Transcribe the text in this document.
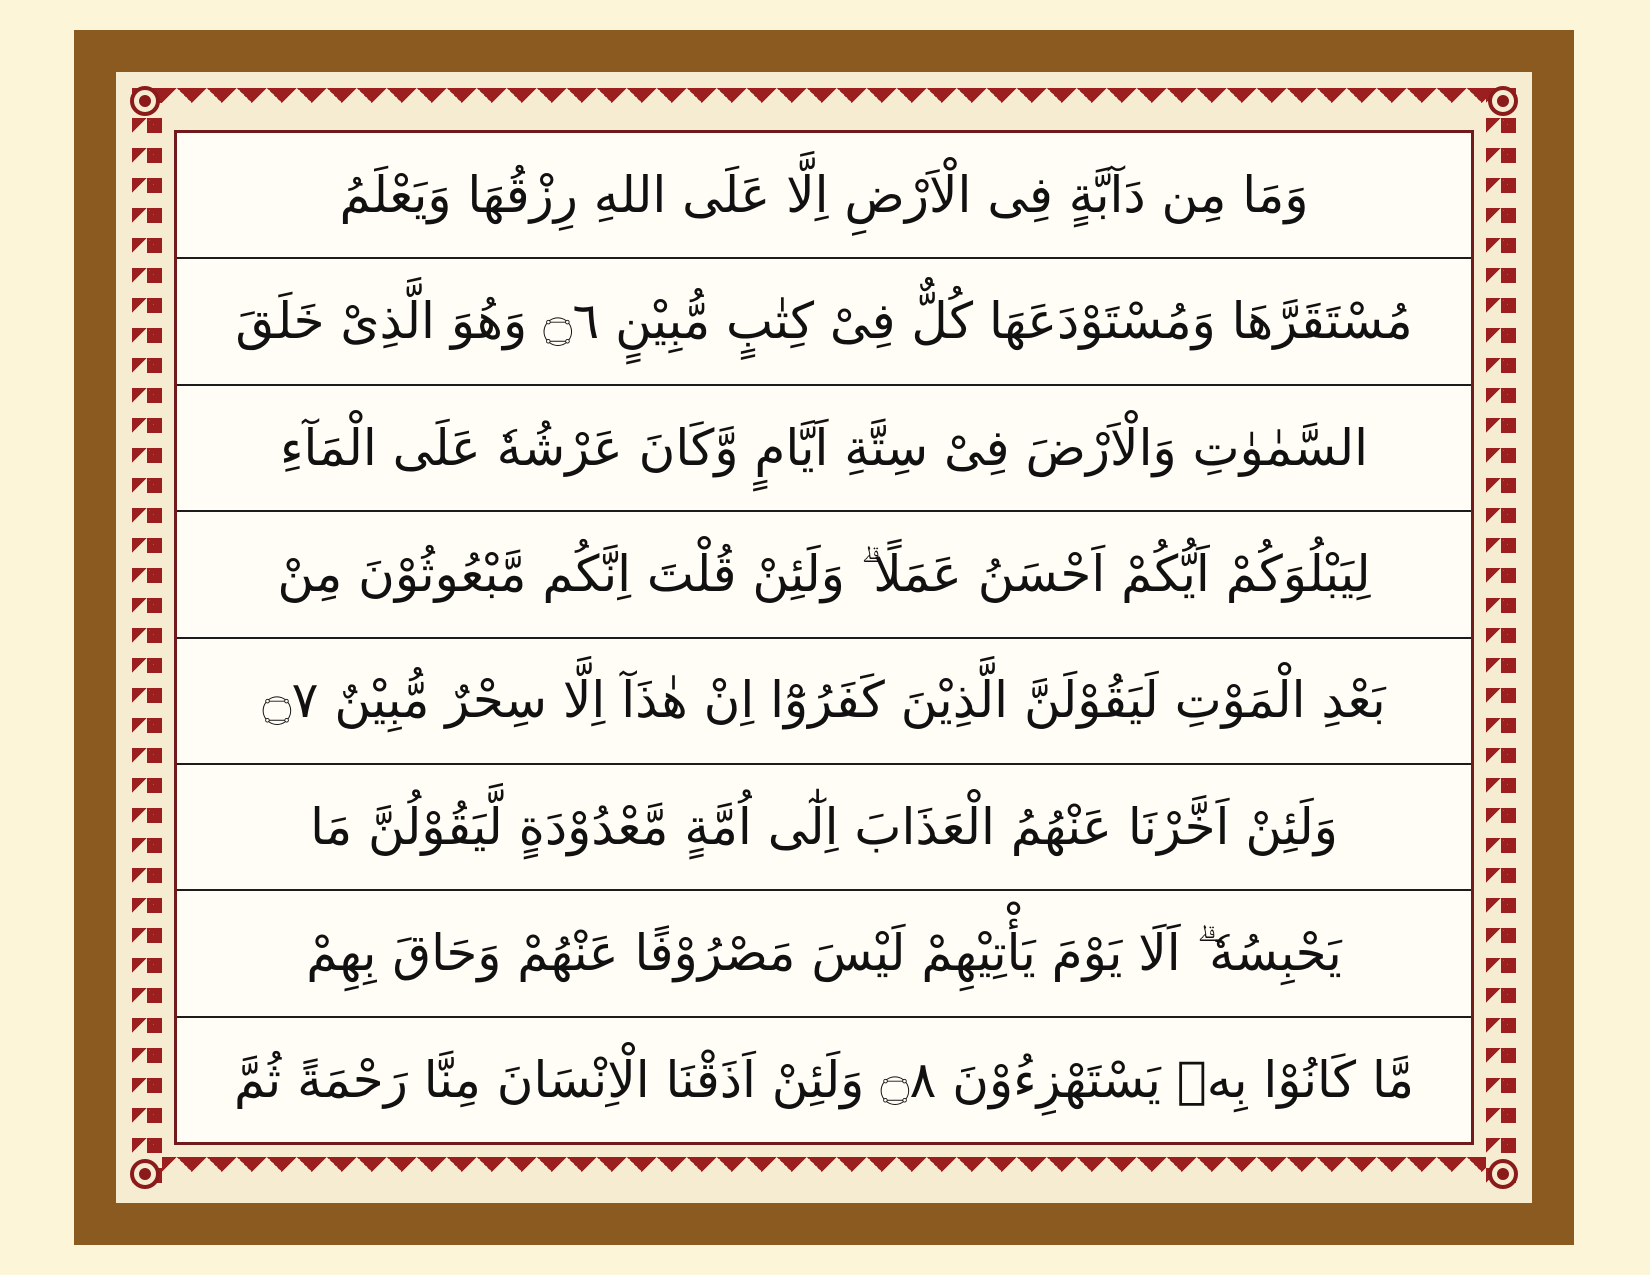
وَمَا مِن دَآبَّةٍ فِى الْاَرْضِ اِلَّا عَلَى اللهِ رِزْقُهَا وَيَعْلَمُ
مُسْتَقَرَّهَا وَمُسْتَوْدَعَهَا كُلٌّ فِىْ كِتٰبٍ مُّبِيْنٍ ۝٦ وَهُوَ الَّذِىْ خَلَقَ
السَّمٰوٰتِ وَالْاَرْضَ فِىْ سِتَّةِ اَيَّامٍ وَّكَانَ عَرْشُهٗ عَلَى الْمَآءِ
لِيَبْلُوَكُمْ اَيُّكُمْ اَحْسَنُ عَمَلًا ۗ وَلَئِنْ قُلْتَ اِنَّكُم مَّبْعُوثُوْنَ مِنْ
بَعْدِ الْمَوْتِ لَيَقُوْلَنَّ الَّذِيْنَ كَفَرُوْٓا اِنْ هٰذَآ اِلَّا سِحْرٌ مُّبِيْنٌ ۝٧
وَلَئِنْ اَخَّرْنَا عَنْهُمُ الْعَذَابَ اِلٰٓى اُمَّةٍ مَّعْدُوْدَةٍ لَّيَقُوْلُنَّ مَا
يَحْبِسُهٗ ۗ اَلَا يَوْمَ يَأْتِيْهِمْ لَيْسَ مَصْرُوْفًا عَنْهُمْ وَحَاقَ بِهِمْ
مَّا كَانُوْا بِهٖ يَسْتَهْزِءُوْنَ ۝٨ وَلَئِنْ اَذَقْنَا الْاِنْسَانَ مِنَّا رَحْمَةً ثُمَّ
